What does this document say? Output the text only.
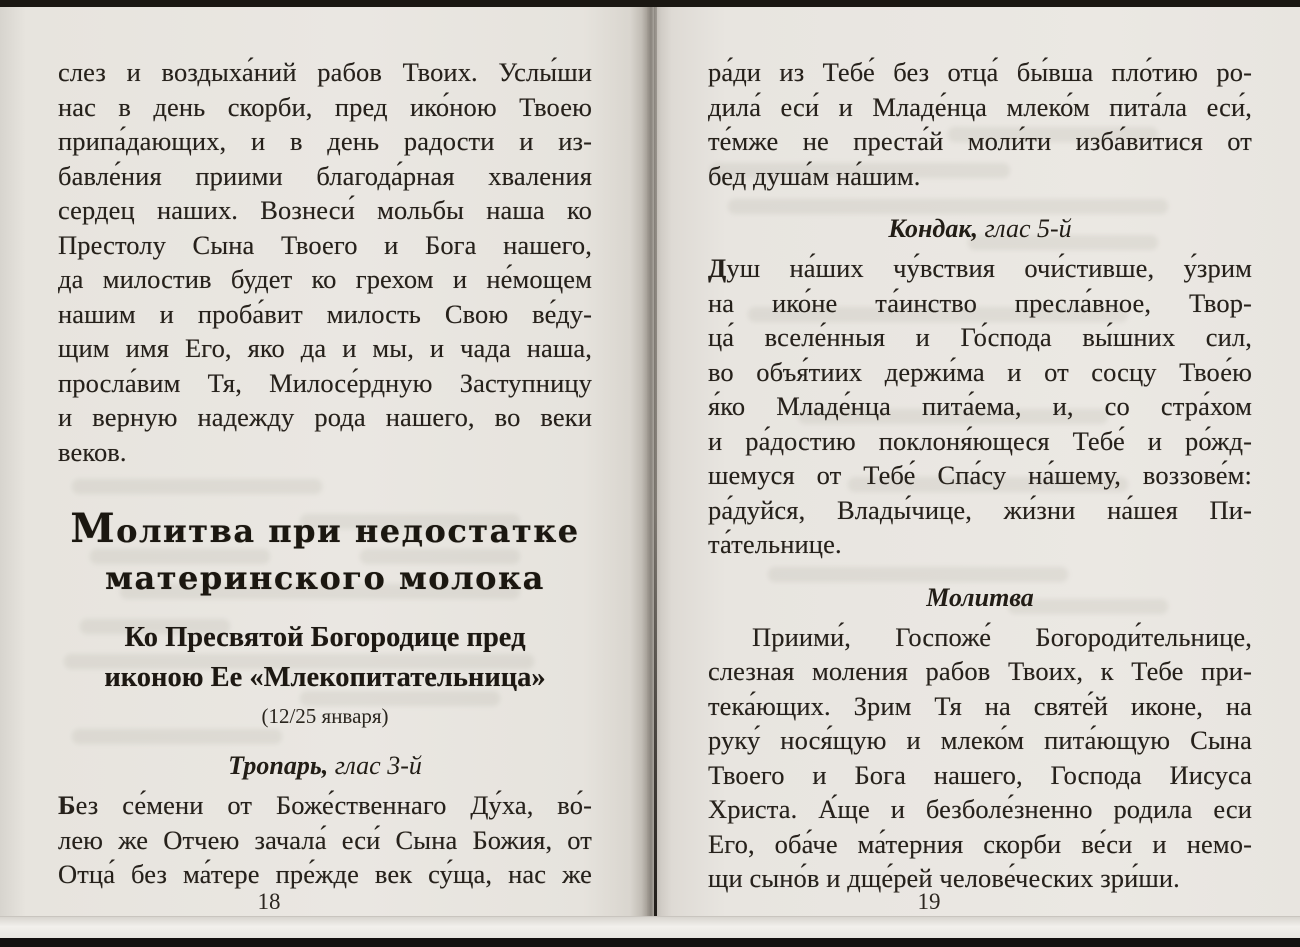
слез и воздыха́ний рабов Твоих. Услы́ши
нас в день скорби, пред ико́ною Твоею
припа́дающих, и в день радости и из-
бавле́ния приими благода́рная хваления
сердец наших. Вознеси́ мольбы наша ко
Престолу Сына Твоего и Бога нашего,
да милостив будет ко грехом и не́мощем
нашим и проба́вит милость Свою ве́ду-
щим имя Его, яко да и мы, и чада наша,
просла́вим Тя, Милосе́рдную Заступницу
и верную надежду рода нашего, во веки
веков.
Молитва при недостатке
материнского молока
Ко Пресвятой Богородице пред
иконою Ее «Млекопитательница»
(12/25 января)
Тропарь, глас 3-й
Без се́мени от Боже́ственнаго Ду́ха, во́-
лею же Отчею зачала́ еси́ Сына Божия, от
Отца́ без ма́тере пре́жде век су́ща, нас же
18
ра́ди из Тебе́ без отца́ бы́вша пло́тию ро-
дила́ еси́ и Младе́нца млеко́м пита́ла еси́,
те́мже не преста́й моли́ти изба́витися от
бед душа́м на́шим.
Кондак, глас 5-й
Душ на́ших чу́вствия очи́стивше, у́зрим
на ико́не та́инство пресла́вное, Твор-
ца́ вселе́нныя и Го́спода вы́шних сил,
во объя́тиих держи́ма и от сосцу Твое́ю
я́ко Младе́нца пита́ема, и, со стра́хом
и ра́достию поклоня́ющеся Тебе́ и ро́жд-
шемуся от Тебе́ Спа́су на́шему, воззове́м:
ра́дуйся, Влады́чице, жи́зни на́шея Пи-
та́тельнице.
Молитва
Приими́, Госпоже́ Богороди́тельнице,
слезная моления рабов Твоих, к Тебе при-
тека́ющих. Зрим Тя на святе́й иконе, на
руку́ нося́щую и млеко́м пита́ющую Сына
Твоего и Бога нашего, Господа Иисуса
Христа. А́ще и безболе́зненно родила еси
Его, оба́че ма́терния скорби ве́си и немо-
щи сыно́в и дще́рей челове́ческих зри́ши.
19
